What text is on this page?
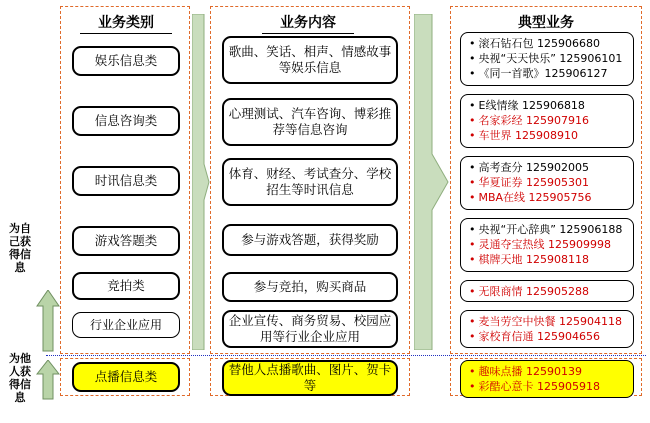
为自己获得信息
为他人获得信息
业务类别	业务内容	典型业务
娱乐信息类
信息咨询类
时讯信息类
游戏答题类
竞拍类
行业企业应用
点播信息类
歌曲、笑话、相声、情感故事等娱乐信息
心理测试、汽车咨询、博彩推荐等信息咨询
体育、财经、考试查分、学校招生等时讯信息
参与游戏答题，获得奖励
参与竞拍，购买商品
企业宣传、商务贸易、校园应用等行业企业应用
替他人点播歌曲、图片、贺卡等
• 滚石钻石包 125906680
• 央视“天天快乐” 125906101
• 《同一首歌》125906127
• E线情缘 125906818
• 名家彩经 125907916
• 车世界 125908910
• 高考查分 125902005
• 华夏证券 125905301
• MBA在线 125905756
• 央视“开心辞典” 125906188
• 灵通夺宝热线 125909998
• 棋牌天地 125908118
• 无限商情 125905288
• 麦当劳空中快餐 125904118
• 家校育信通 125904656
• 趣味点播 12590139
• 彩酷心意卡 125905918
